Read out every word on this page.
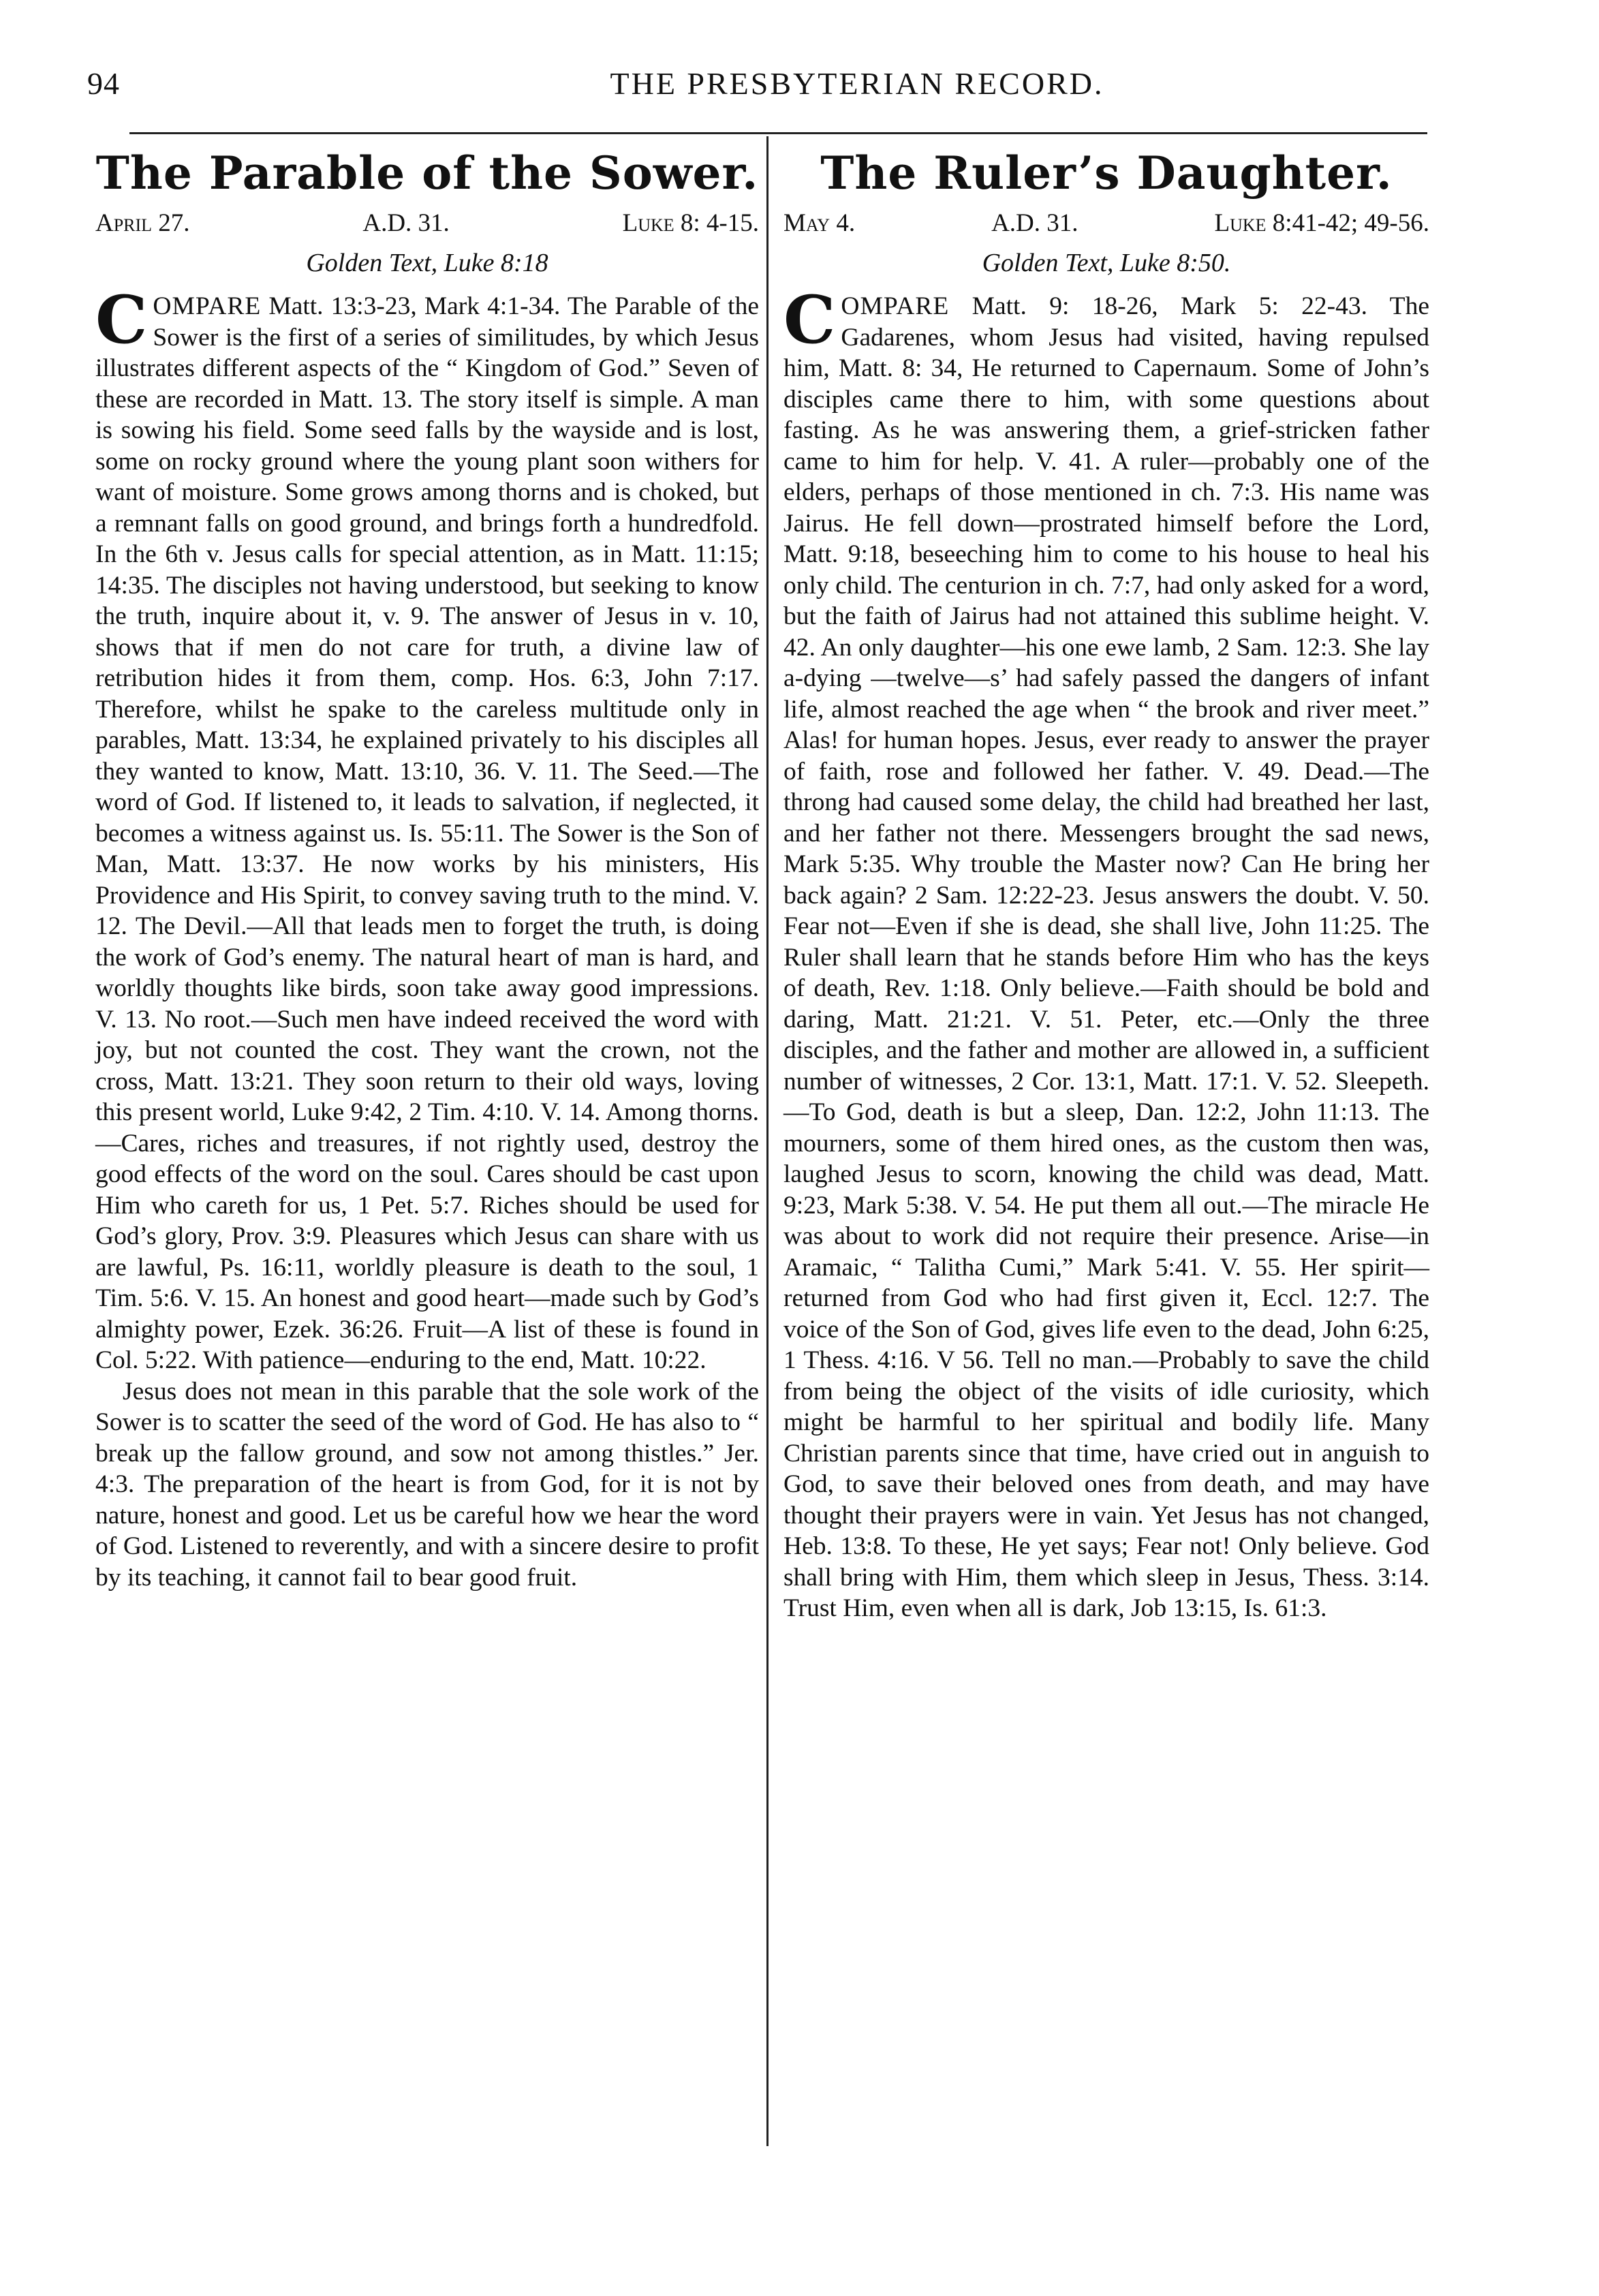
94	THE PRESBYTERIAN RECORD.
The Parable of the Sower.
April 27.	A.D. 31.	Luke 8: 4-15.
Golden Text, Luke 8:18

COMPARE Matt. 13:3-23, Mark 4:1-34. The Parable of the Sower is the first of a series of similitudes, by which Jesus illustrates different aspects of the “ Kingdom of God.” Seven of these are recorded in Matt. 13. The story itself is simple. A man is sowing his field. Some seed falls by the wayside and is lost, some on rocky ground where the young plant soon withers for want of moisture. Some grows among thorns and is choked, but a remnant falls on good ground, and brings forth a hundredfold. In the 6th v. Jesus calls for special attention, as in Matt. 11:15; 14:35. The disciples not having understood, but seeking to know the truth, inquire about it, v. 9. The answer of Jesus in v. 10, shows that if men do not care for truth, a divine law of retribution hides it from them, comp. Hos. 6:3, John 7:17. Therefore, whilst he spake to the careless multitude only in parables, Matt. 13:34, he explained privately to his disciples all they wanted to know, Matt. 13:10, 36. V. 11. The Seed.—The word of God. If listened to, it leads to salvation, if neglected, it becomes a witness against us. Is. 55:11. The Sower is the Son of Man, Matt. 13:37. He now works by his ministers, His Providence and His Spirit, to convey saving truth to the mind. V. 12. The Devil.—All that leads men to forget the truth, is doing the work of God’s enemy. The natural heart of man is hard, and worldly thoughts like birds, soon take away good impressions. V. 13. No root.—Such men have indeed received the word with joy, but not counted the cost. They want the crown, not the cross, Matt. 13:21. They soon return to their old ways, loving this present world, Luke 9:42, 2 Tim. 4:10. V. 14. Among thorns.—Cares, riches and treasures, if not rightly used, destroy the good effects of the word on the soul. Cares should be cast upon Him who careth for us, 1 Pet. 5:7. Riches should be used for God’s glory, Prov. 3:9. Pleasures which Jesus can share with us are lawful, Ps. 16:11, worldly pleasure is death to the soul, 1 Tim. 5:6. V. 15. An honest and good heart—made such by God’s almighty power, Ezek. 36:26. Fruit—A list of these is found in Col. 5:22. With patience—enduring to the end, Matt. 10:22.

Jesus does not mean in this parable that the sole work of the Sower is to scatter the seed of the word of God. He has also to “ break up the fallow ground, and sow not among thistles.” Jer. 4:3. The preparation of the heart is from God, for it is not by nature, honest and good. Let us be careful how we hear the word of God. Listened to reverently, and with a sincere desire to profit by its teaching, it cannot fail to bear good fruit.

The Ruler’s Daughter.
May 4.	A.D. 31.	Luke 8:41-42; 49-56.
Golden Text, Luke 8:50.

COMPARE Matt. 9: 18-26, Mark 5: 22-43. The Gadarenes, whom Jesus had visited, having repulsed him, Matt. 8: 34, He returned to Capernaum. Some of John’s disciples came there to him, with some questions about fasting. As he was answering them, a grief-stricken father came to him for help. V. 41. A ruler—probably one of the elders, perhaps of those mentioned in ch. 7:3. His name was Jairus. He fell down—prostrated himself before the Lord, Matt. 9:18, beseeching him to come to his house to heal his only child. The centurion in ch. 7:7, had only asked for a word, but the faith of Jairus had not attained this sublime height. V. 42. An only daughter—his one ewe lamb, 2 Sam. 12:3. She lay a-dying —twelve—s’ had safely passed the dangers of infant life, almost reached the age when “ the brook and river meet.” Alas! for human hopes. Jesus, ever ready to answer the prayer of faith, rose and followed her father. V. 49. Dead.—The throng had caused some delay, the child had breathed her last, and her father not there. Messengers brought the sad news, Mark 5:35. Why trouble the Master now? Can He bring her back again? 2 Sam. 12:22-23. Jesus answers the doubt. V. 50. Fear not—Even if she is dead, she shall live, John 11:25. The Ruler shall learn that he stands before Him who has the keys of death, Rev. 1:18. Only believe.—Faith should be bold and daring, Matt. 21:21. V. 51. Peter, etc.—Only the three disciples, and the father and mother are allowed in, a sufficient number of witnesses, 2 Cor. 13:1, Matt. 17:1. V. 52. Sleepeth.—To God, death is but a sleep, Dan. 12:2, John 11:13. The mourners, some of them hired ones, as the custom then was, laughed Jesus to scorn, knowing the child was dead, Matt. 9:23, Mark 5:38. V. 54. He put them all out.—The miracle He was about to work did not require their presence. Arise—in Aramaic, “ Talitha Cumi,” Mark 5:41. V. 55. Her spirit—returned from God who had first given it, Eccl. 12:7. The voice of the Son of God, gives life even to the dead, John 6:25, 1 Thess. 4:16. V 56. Tell no man.—Probably to save the child from being the object of the visits of idle curiosity, which might be harmful to her spiritual and bodily life. Many Christian parents since that time, have cried out in anguish to God, to save their beloved ones from death, and may have thought their prayers were in vain. Yet Jesus has not changed, Heb. 13:8. To these, He yet says; Fear not! Only believe. God shall bring with Him, them which sleep in Jesus, Thess. 3:14. Trust Him, even when all is dark, Job 13:15, Is. 61:3.
